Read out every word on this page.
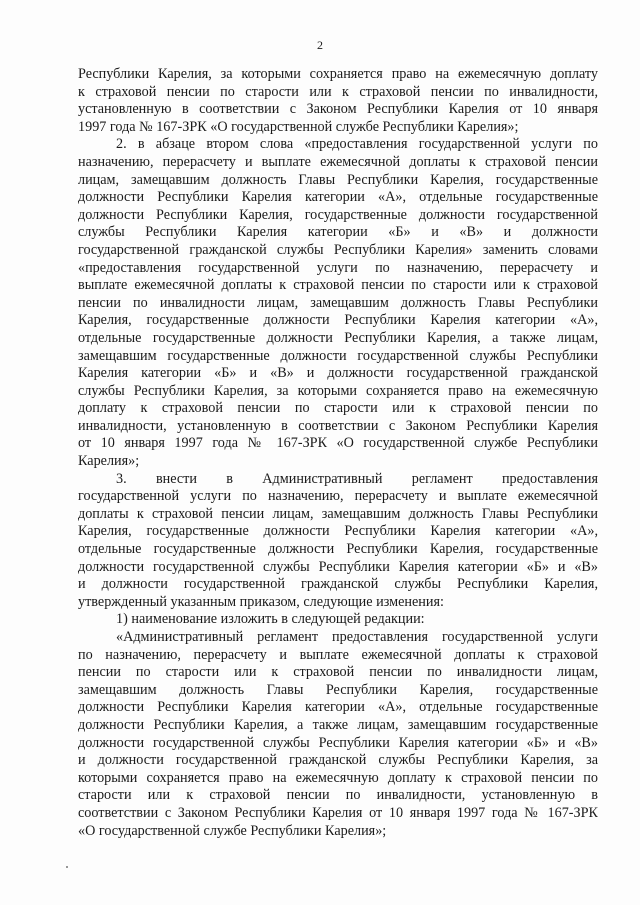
2
Республики Карелия, за которыми сохраняется право на ежемесячную доплату
к страховой пенсии по старости или к страховой пенсии по инвалидности,
установленную в соответствии с Законом Республики Карелия от 10 января
1997 года № 167-ЗРК «О государственной службе Республики Карелия»;
2. в абзаце втором слова «предоставления государственной услуги по
назначению, перерасчету и выплате ежемесячной доплаты к страховой пенсии
лицам, замещавшим должность Главы Республики Карелия, государственные
должности Республики Карелия категории «А», отдельные государственные
должности Республики Карелия, государственные должности государственной
службы Республики Карелия категории «Б» и «В» и должности
государственной гражданской службы Республики Карелия» заменить словами
«предоставления государственной услуги по назначению, перерасчету и
выплате ежемесячной доплаты к страховой пенсии по старости или к страховой
пенсии по инвалидности лицам, замещавшим должность Главы Республики
Карелия, государственные должности Республики Карелия категории «А»,
отдельные государственные должности Республики Карелия, а также лицам,
замещавшим государственные должности государственной службы Республики
Карелия категории «Б» и «В» и должности государственной гражданской
службы Республики Карелия, за которыми сохраняется право на ежемесячную
доплату к страховой пенсии по старости или к страховой пенсии по
инвалидности, установленную в соответствии с Законом Республики Карелия
от 10 января 1997 года № 167-ЗРК «О государственной службе Республики
Карелия»;
3. внести в Административный регламент предоставления
государственной услуги по назначению, перерасчету и выплате ежемесячной
доплаты к страховой пенсии лицам, замещавшим должность Главы Республики
Карелия, государственные должности Республики Карелия категории «А»,
отдельные государственные должности Республики Карелия, государственные
должности государственной службы Республики Карелия категории «Б» и «В»
и должности государственной гражданской службы Республики Карелия,
утвержденный указанным приказом, следующие изменения:
1) наименование изложить в следующей редакции:
«Административный регламент предоставления государственной услуги
по назначению, перерасчету и выплате ежемесячной доплаты к страховой
пенсии по старости или к страховой пенсии по инвалидности лицам,
замещавшим должность Главы Республики Карелия, государственные
должности Республики Карелия категории «А», отдельные государственные
должности Республики Карелия, а также лицам, замещавшим государственные
должности государственной службы Республики Карелия категории «Б» и «В»
и должности государственной гражданской службы Республики Карелия, за
которыми сохраняется право на ежемесячную доплату к страховой пенсии по
старости или к страховой пенсии по инвалидности, установленную в
соответствии с Законом Республики Карелия от 10 января 1997 года № 167-ЗРК
«О государственной службе Республики Карелия»;
